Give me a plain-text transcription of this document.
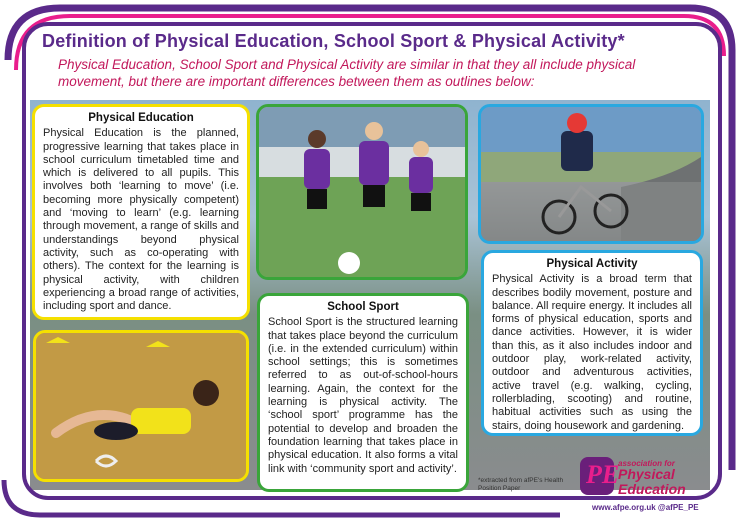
Definition of Physical Education, School Sport & Physical Activity*
Physical Education, School Sport and Physical Activity are similar in that they all include physical movement, but there are important differences between them as outlines below:
Physical Education
Physical Education is the planned, progressive learning that takes place in school curriculum timetabled time and which is delivered to all pupils. This involves both ‘learning to move’ (i.e. becoming more physically competent) and ‘moving to learn’ (e.g. learning through movement, a range of skills and understandings beyond physical activity, such as co-operating with others). The context for the learning is physical activity, with children experiencing a broad range of activities, including sport and dance.	School Sport
School Sport is the structured learning that takes place beyond the curriculum (i.e. in the extended curriculum) within school settings; this is sometimes referred to as out-of-school-hours learning. Again, the context for the learning is physical activity. The ‘school sport’ programme has the potential to develop and broaden the foundation learning that takes place in physical education. It also forms a vital link with ‘community sport and activity’.
Physical Activity
Physical Activity is a broad term that describes bodily movement, posture and balance. All require energy. It includes all forms of physical education, sports and dance activities. However, it is wider than this, as it also includes indoor and outdoor play, work-related activity, outdoor and adventurous activities, active travel (e.g. walking, cycling, rollerblading, scooting) and routine, habitual activities such as using the stairs, doing housework and gardening.
*extracted from afPE's Health Position Paper	PE
association for
Physical
Education
www.afpe.org.uk @afPE_PE
